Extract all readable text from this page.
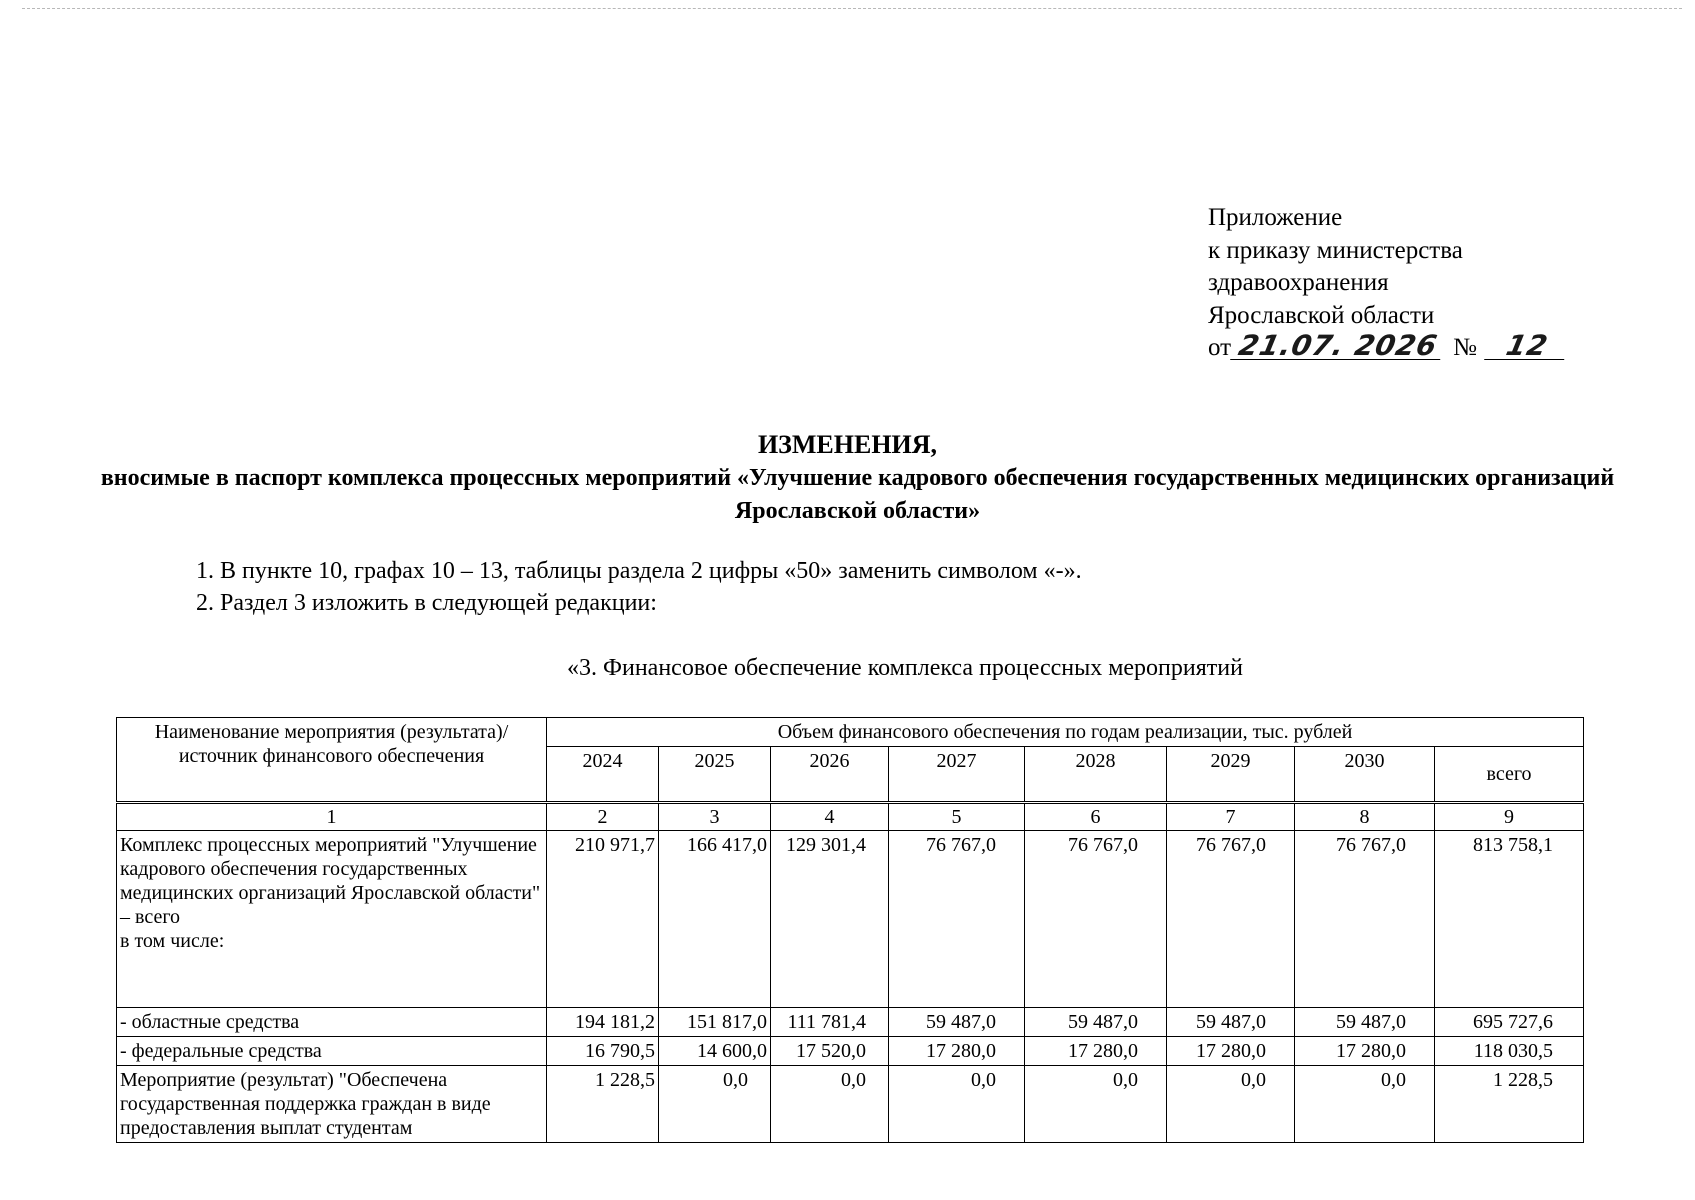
Приложение
к приказу министерства
здравоохранения
Ярославской области
от 21.07. 2026 № 12
ИЗМЕНЕНИЯ,
вносимые в паспорт комплекса процессных мероприятий «Улучшение кадрового обеспечения государственных медицинских организаций Ярославской области»
1. В пункте 10, графах 10 – 13, таблицы раздела 2 цифры «50» заменить символом «-».
2. Раздел 3 изложить в следующей редакции:
«3. Финансовое обеспечение комплекса процессных мероприятий
Наименование мероприятия (результата)/ источник финансового обеспечения	Объем финансового обеспечения по годам реализации, тыс. рублей							
	2024	2025	2026	2027	2028	2029	2030	всего
1	2	3	4	5	6	7	8	9
Комплекс процессных мероприятий "Улучшение кадрового обеспечения государственных медицинских организаций Ярославской области" – всего
в том числе:	210 971,7	166 417,0	129 301,4	76 767,0	76 767,0	76 767,0	76 767,0	813 758,1
- областные средства	194 181,2	151 817,0	111 781,4	59 487,0	59 487,0	59 487,0	59 487,0	695 727,6
- федеральные средства	16 790,5	14 600,0	17 520,0	17 280,0	17 280,0	17 280,0	17 280,0	118 030,5
Мероприятие (результат) "Обеспечена государственная поддержка граждан в виде предоставления выплат студентам	1 228,5	0,0	0,0	0,0	0,0	0,0	0,0	1 228,5
